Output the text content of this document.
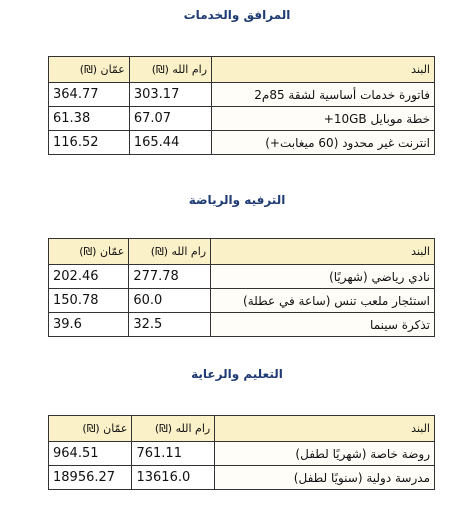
المرافق والخدمات
البند	رام الله (₪)	عمّان (₪)
فاتورة خدمات أساسية لشقة 85م2	303.17	364.77
خطة موبايل 10GB+	67.07	61.38
انترنت غير محدود (60 ميغابت+)	165.44	116.52
الترفيه والرياضة
البند	رام الله (₪)	عمّان (₪)
نادي رياضي (شهريًا)	277.78	202.46
استئجار ملعب تنس (ساعة في عطلة)	60.0	150.78
تذكرة سينما	32.5	39.6
التعليم والرعاية
البند	رام الله (₪)	عمّان (₪)
روضة خاصة (شهريًا لطفل)	761.11	964.51
مدرسة دولية (سنويًا لطفل)	13616.0	18956.27
